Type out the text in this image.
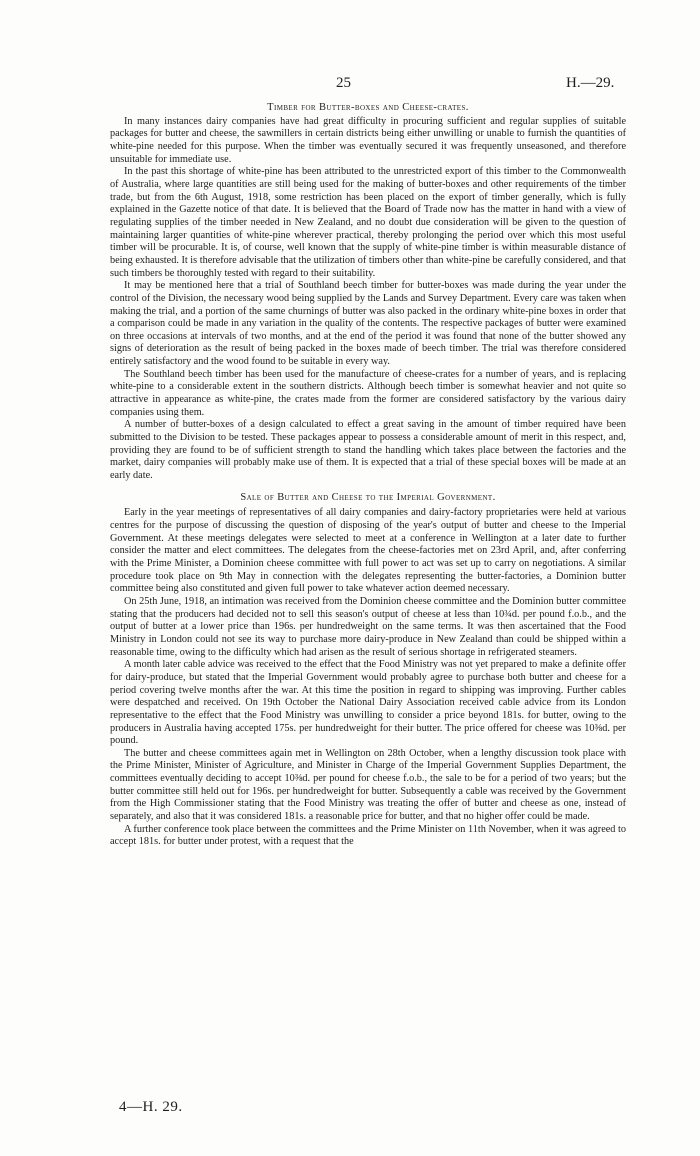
25	H.—29.
Timber for Butter-boxes and Cheese-crates.

In many instances dairy companies have had great difficulty in procuring sufficient and regular supplies of suitable packages for butter and cheese, the sawmillers in certain districts being either unwilling or unable to furnish the quantities of white-pine needed for this purpose. When the timber was eventually secured it was frequently unseasoned, and therefore unsuitable for immediate use.

In the past this shortage of white-pine has been attributed to the unrestricted export of this timber to the Commonwealth of Australia, where large quantities are still being used for the making of butter-boxes and other requirements of the timber trade, but from the 6th August, 1918, some restriction has been placed on the export of timber generally, which is fully explained in the Gazette notice of that date. It is believed that the Board of Trade now has the matter in hand with a view of regulating supplies of the timber needed in New Zealand, and no doubt due consideration will be given to the question of maintaining larger quantities of white-pine wherever practical, thereby prolonging the period over which this most useful timber will be procurable. It is, of course, well known that the supply of white-pine timber is within measurable distance of being exhausted. It is therefore advisable that the utilization of timbers other than white-pine be carefully considered, and that such timbers be thoroughly tested with regard to their suitability.

It may be mentioned here that a trial of Southland beech timber for butter-boxes was made during the year under the control of the Division, the necessary wood being supplied by the Lands and Survey Department. Every care was taken when making the trial, and a portion of the same churnings of butter was also packed in the ordinary white-pine boxes in order that a comparison could be made in any variation in the quality of the contents. The respective packages of butter were examined on three occasions at intervals of two months, and at the end of the period it was found that none of the butter showed any signs of deterioration as the result of being packed in the boxes made of beech timber. The trial was therefore considered entirely satisfactory and the wood found to be suitable in every way.

The Southland beech timber has been used for the manufacture of cheese-crates for a number of years, and is replacing white-pine to a considerable extent in the southern districts. Although beech timber is somewhat heavier and not quite so attractive in appearance as white-pine, the crates made from the former are considered satisfactory by the various dairy companies using them.

A number of butter-boxes of a design calculated to effect a great saving in the amount of timber required have been submitted to the Division to be tested. These packages appear to possess a considerable amount of merit in this respect, and, providing they are found to be of sufficient strength to stand the handling which takes place between the factories and the market, dairy companies will probably make use of them. It is expected that a trial of these special boxes will be made at an early date.

Sale of Butter and Cheese to the Imperial Government.

Early in the year meetings of representatives of all dairy companies and dairy-factory proprietaries were held at various centres for the purpose of discussing the question of disposing of the year's output of butter and cheese to the Imperial Government. At these meetings delegates were selected to meet at a conference in Wellington at a later date to further consider the matter and elect committees. The delegates from the cheese-factories met on 23rd April, and, after conferring with the Prime Minister, a Dominion cheese committee with full power to act was set up to carry on negotiations. A similar procedure took place on 9th May in connection with the delegates representing the butter-factories, a Dominion butter committee being also constituted and given full power to take whatever action deemed necessary.

On 25th June, 1918, an intimation was received from the Dominion cheese committee and the Dominion butter committee stating that the producers had decided not to sell this season's output of cheese at less than 10¾d. per pound f.o.b., and the output of butter at a lower price than 196s. per hundredweight on the same terms. It was then ascertained that the Food Ministry in London could not see its way to purchase more dairy-produce in New Zealand than could be shipped within a reasonable time, owing to the difficulty which had arisen as the result of serious shortage in refrigerated steamers.

A month later cable advice was received to the effect that the Food Ministry was not yet prepared to make a definite offer for dairy-produce, but stated that the Imperial Government would probably agree to purchase both butter and cheese for a period covering twelve months after the war. At this time the position in regard to shipping was improving. Further cables were despatched and received. On 19th October the National Dairy Association received cable advice from its London representative to the effect that the Food Ministry was unwilling to consider a price beyond 181s. for butter, owing to the producers in Australia having accepted 175s. per hundredweight for their butter. The price offered for cheese was 10⅜d. per pound.

The butter and cheese committees again met in Wellington on 28th October, when a lengthy discussion took place with the Prime Minister, Minister of Agriculture, and Minister in Charge of the Imperial Government Supplies Department, the committees eventually deciding to accept 10⅜d. per pound for cheese f.o.b., the sale to be for a period of two years; but the butter committee still held out for 196s. per hundredweight for butter. Subsequently a cable was received by the Government from the High Commissioner stating that the Food Ministry was treating the offer of butter and cheese as one, instead of separately, and also that it was considered 181s. a reasonable price for butter, and that no higher offer could be made.

A further conference took place between the committees and the Prime Minister on 11th November, when it was agreed to accept 181s. for butter under protest, with a request that the

4—H. 29.
